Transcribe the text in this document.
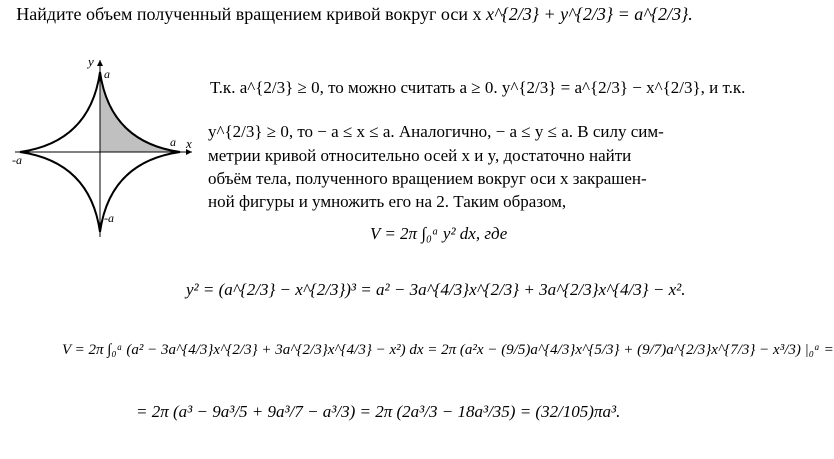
Найдите объем полученный вращением кривой вокруг оси x x^{2/3} + y^{2/3} = a^{2/3}.
x
y
a
a
-a
-a
Т.к. a^{2/3} ≥ 0, то можно считать a ≥ 0. y^{2/3} = a^{2/3} − x^{2/3}, и т.к.
y^{2/3} ≥ 0, то − a ≤ x ≤ a. Аналогично, − a ≤ y ≤ a. В силу сим-
метрии кривой относительно осей x и y, достаточно найти
объём тела, полученного вращением вокруг оси x закрашен-
ной фигуры и умножить его на 2. Таким образом,
V = 2π ∫₀ᵃ y² dx, где
y² = (a^{2/3} − x^{2/3})³ = a² − 3a^{4/3}x^{2/3} + 3a^{2/3}x^{4/3} − x².
V = 2π ∫₀ᵃ (a² − 3a^{4/3}x^{2/3} + 3a^{2/3}x^{4/3} − x²) dx = 2π (a²x − (9/5)a^{4/3}x^{5/3} + (9/7)a^{2/3}x^{7/3} − x³/3) |₀ᵃ =
= 2π (a³ − 9a³/5 + 9a³/7 − a³/3) = 2π (2a³/3 − 18a³/35) = (32/105)πa³.
